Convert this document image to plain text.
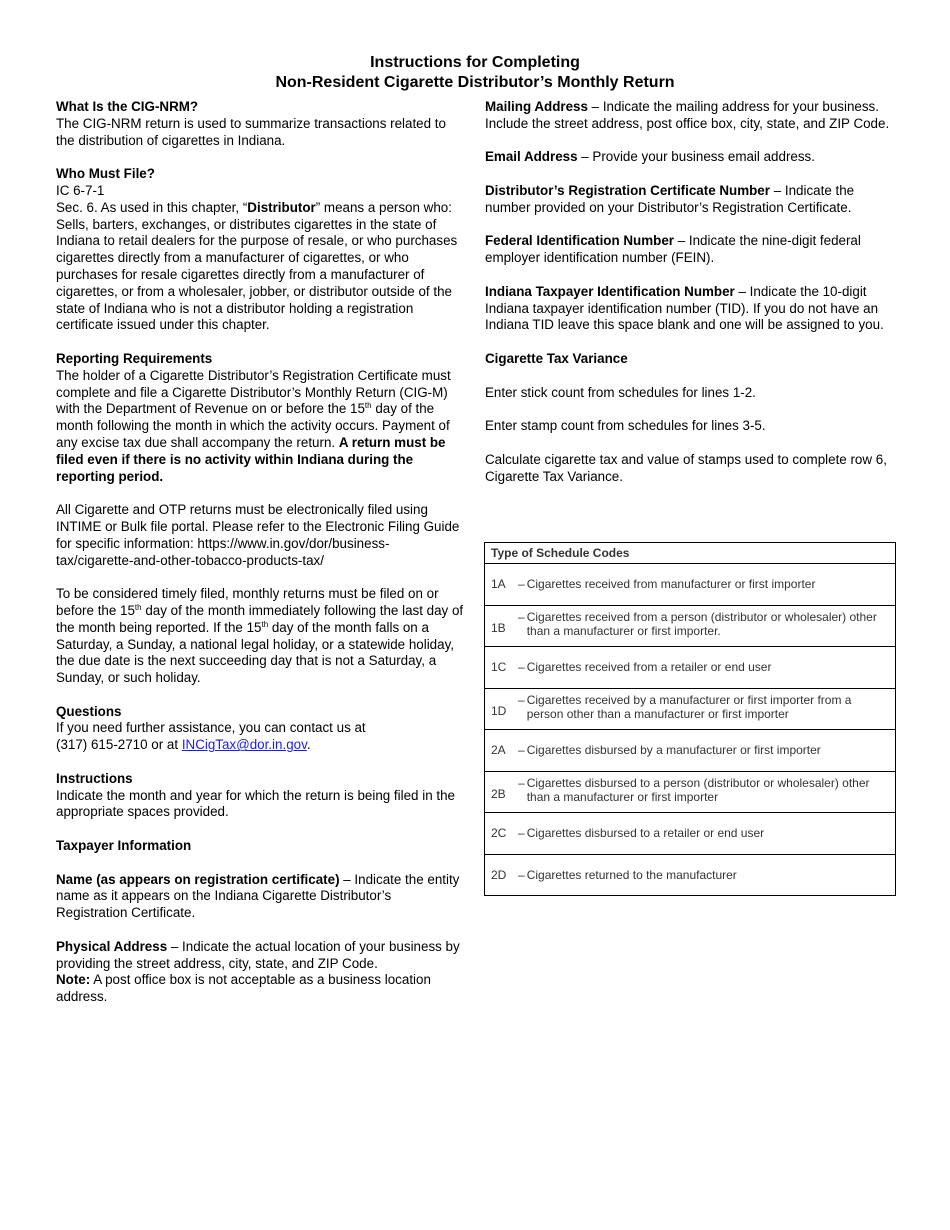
Instructions for Completing
Non-Resident Cigarette Distributor’s Monthly Return

What Is the CIG-NRM?
The CIG-NRM return is used to summarize transactions related to the distribution of cigarettes in Indiana.

Who Must File?
IC 6-7-1
Sec. 6. As used in this chapter, “Distributor” means a person who: Sells, barters, exchanges, or distributes cigarettes in the state of Indiana to retail dealers for the purpose of resale, or who purchases cigarettes directly from a manufacturer of cigarettes, or who purchases for resale cigarettes directly from a manufacturer of cigarettes, or from a wholesaler, jobber, or distributor outside of the state of Indiana who is not a distributor holding a registration certificate issued under this chapter.

Reporting Requirements
The holder of a Cigarette Distributor’s Registration Certificate must complete and file a Cigarette Distributor’s Monthly Return (CIG-M) with the Department of Revenue on or before the 15th day of the month following the month in which the activity occurs. Payment of any excise tax due shall accompany the return. A return must be filed even if there is no activity within Indiana during the reporting period.

All Cigarette and OTP returns must be electronically filed using INTIME or Bulk file portal. Please refer to the Electronic Filing Guide for specific information: https://www.in.gov/dor/business-tax/cigarette-and-other-tobacco-products-tax/

To be considered timely filed, monthly returns must be filed on or before the 15th day of the month immediately following the last day of the month being reported. If the 15th day of the month falls on a Saturday, a Sunday, a national legal holiday, or a statewide holiday, the due date is the next succeeding day that is not a Saturday, a Sunday, or such holiday.

Questions
If you need further assistance, you can contact us at
(317) 615-2710 or at INCigTax@dor.in.gov.

Instructions
Indicate the month and year for which the return is being filed in the appropriate spaces provided.

Taxpayer Information

Name (as appears on registration certificate) – Indicate the entity name as it appears on the Indiana Cigarette Distributor’s Registration Certificate.

Physical Address – Indicate the actual location of your business by providing the street address, city, state, and ZIP Code.
Note: A post office box is not acceptable as a business location address.

Mailing Address – Indicate the mailing address for your business. Include the street address, post office box, city, state, and ZIP Code.

Email Address – Provide your business email address.

Distributor’s Registration Certificate Number – Indicate the number provided on your Distributor’s Registration Certificate.

Federal Identification Number – Indicate the nine-digit federal employer identification number (FEIN).

Indiana Taxpayer Identification Number – Indicate the 10-digit Indiana taxpayer identification number (TID). If you do not have an Indiana TID leave this space blank and one will be assigned to you.

Cigarette Tax Variance

Enter stick count from schedules for lines 1-2.

Enter stamp count from schedules for lines 3-5.

Calculate cigarette tax and value of stamps used to complete row 6, Cigarette Tax Variance.

Type of Schedule Codes
1A	– Cigarettes received from manufacturer or first importer
1B
– Cigarettes received from a person (distributor or wholesaler) other than a manufacturer or first importer.
1C – Cigarettes received from a retailer or end user
1D
– Cigarettes received by a manufacturer or first importer from a person other than a manufacturer or first importer
2A	– Cigarettes disbursed by a manufacturer or first importer
2B
– Cigarettes disbursed to a person (distributor or wholesaler) other than a manufacturer or first importer
2C – Cigarettes disbursed to a retailer or end user
2D – Cigarettes returned to the manufacturer
